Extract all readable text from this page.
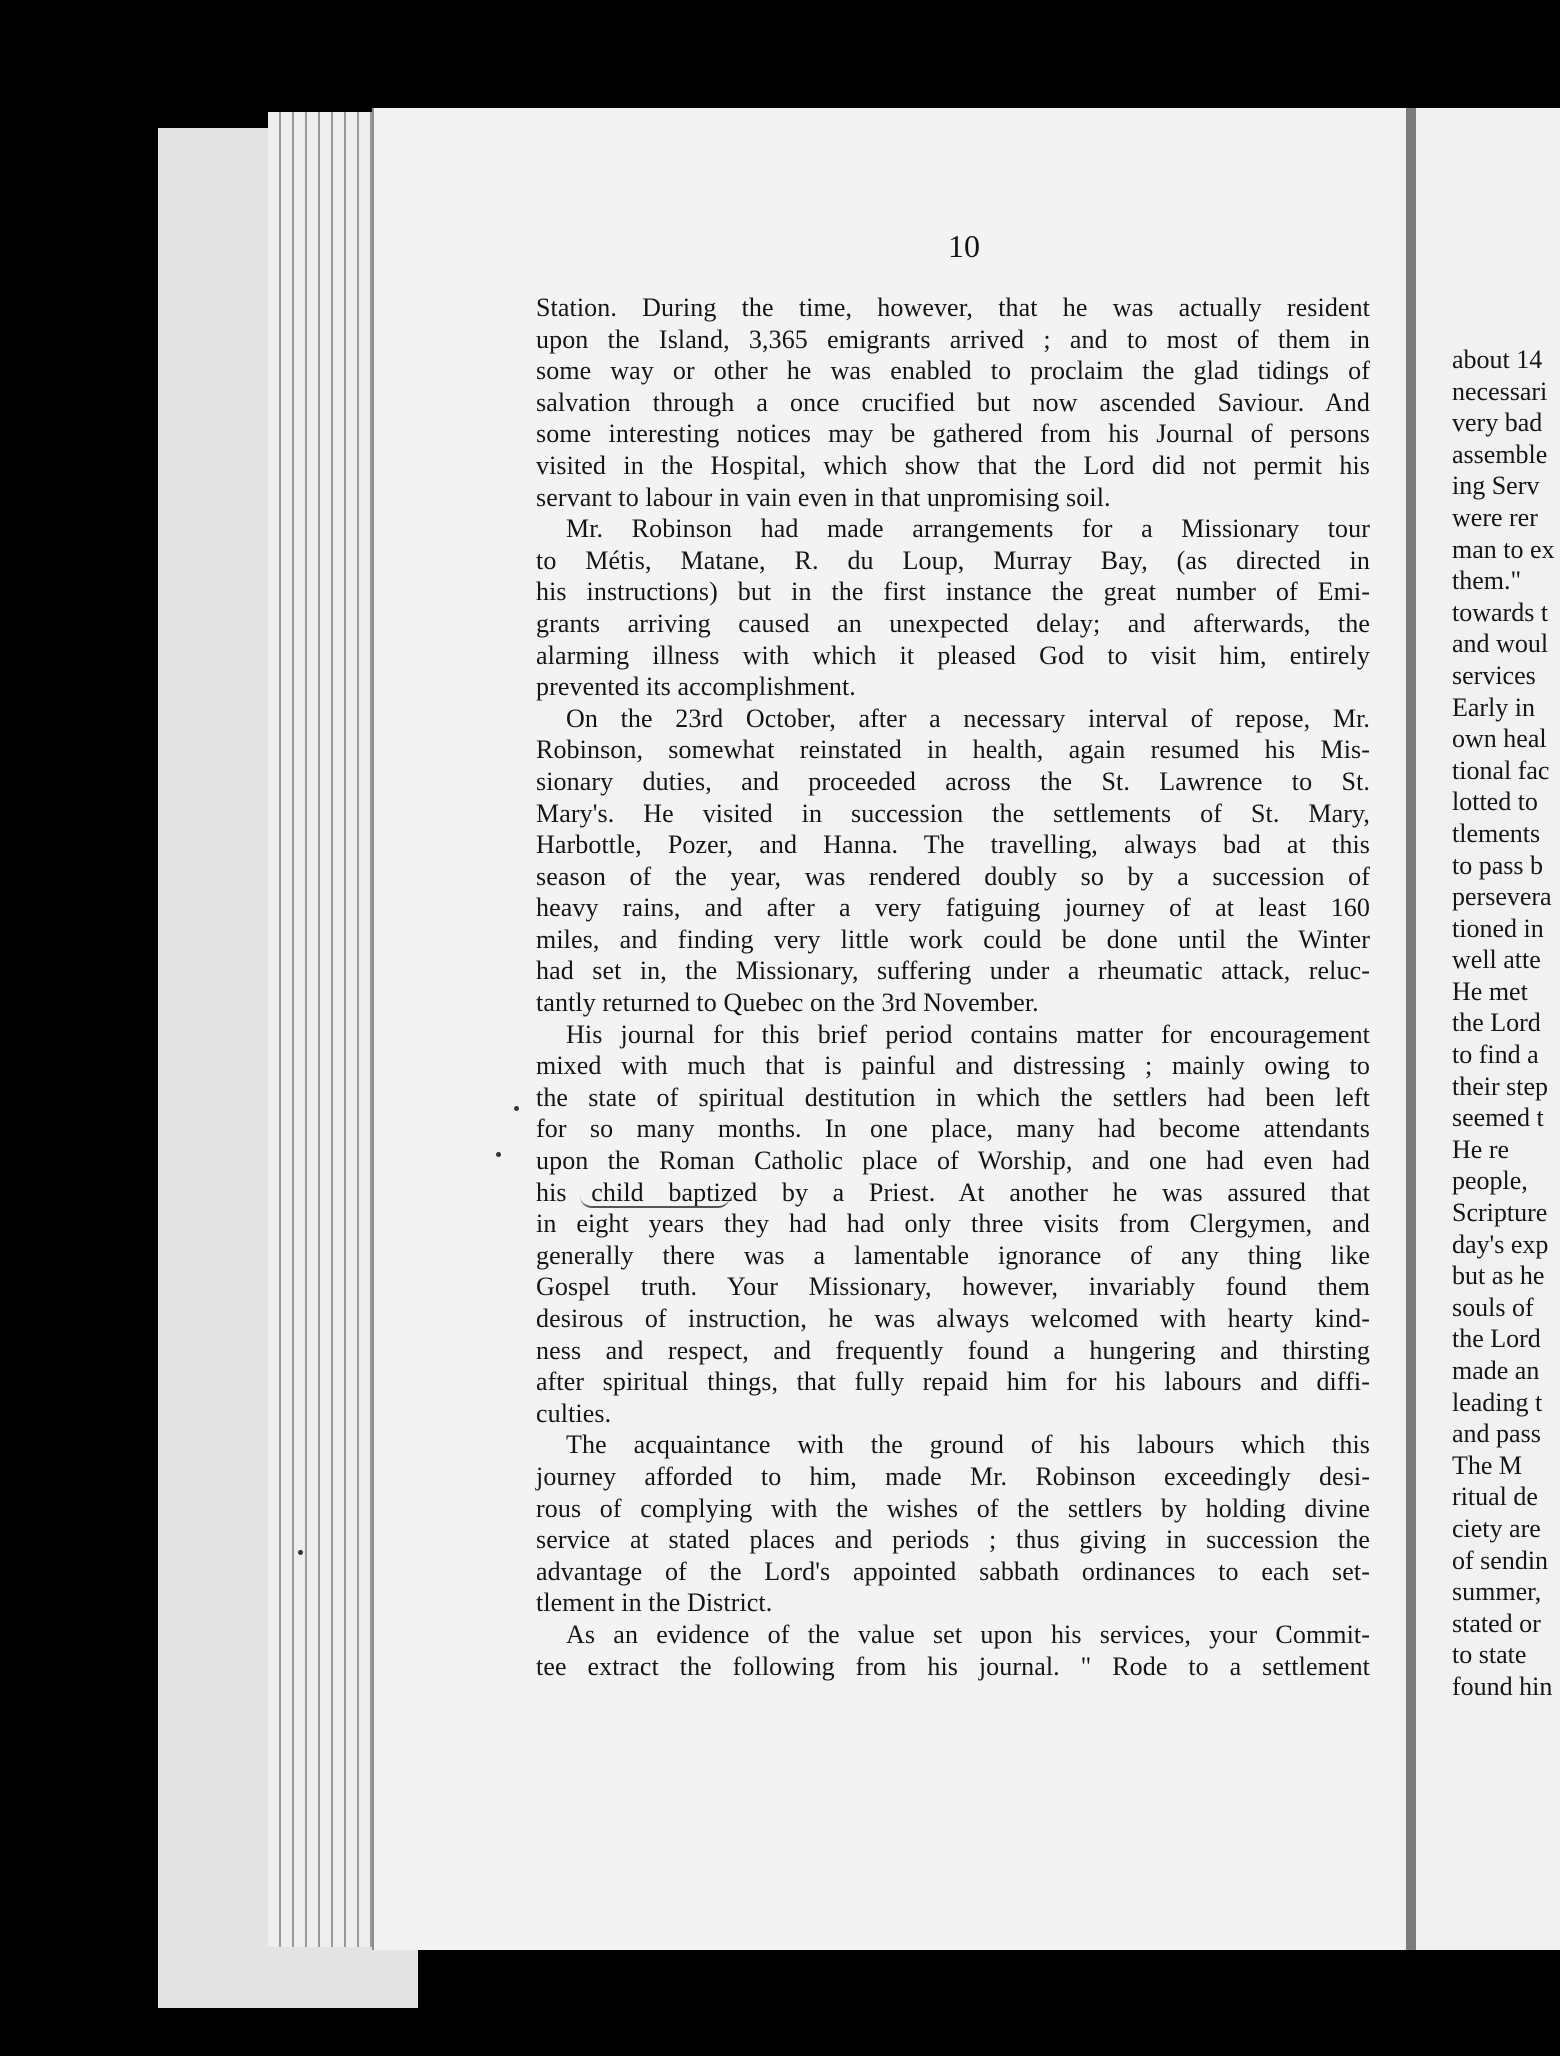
10
Station. During the time, however, that he was actually resident
upon the Island, 3,365 emigrants arrived ; and to most of them in
some way or other he was enabled to proclaim the glad tidings of
salvation through a once crucified but now ascended Saviour. And
some interesting notices may be gathered from his Journal of persons
visited in the Hospital, which show that the Lord did not permit his
servant to labour in vain even in that unpromising soil.
Mr. Robinson had made arrangements for a Missionary tour
to Métis, Matane, R. du Loup, Murray Bay, (as directed in
his instructions) but in the first instance the great number of Emi-
grants arriving caused an unexpected delay; and afterwards, the
alarming illness with which it pleased God to visit him, entirely
prevented its accomplishment.
On the 23rd October, after a necessary interval of repose, Mr.
Robinson, somewhat reinstated in health, again resumed his Mis-
sionary duties, and proceeded across the St. Lawrence to St.
Mary's. He visited in succession the settlements of St. Mary,
Harbottle, Pozer, and Hanna. The travelling, always bad at this
season of the year, was rendered doubly so by a succession of
heavy rains, and after a very fatiguing journey of at least 160
miles, and finding very little work could be done until the Winter
had set in, the Missionary, suffering under a rheumatic attack, reluc-
tantly returned to Quebec on the 3rd November.
His journal for this brief period contains matter for encouragement
mixed with much that is painful and distressing ; mainly owing to
the state of spiritual destitution in which the settlers had been left
for so many months. In one place, many had become attendants
upon the Roman Catholic place of Worship, and one had even had
his child baptized by a Priest. At another he was assured that
in eight years they had had only three visits from Clergymen, and
generally there was a lamentable ignorance of any thing like
Gospel truth. Your Missionary, however, invariably found them
desirous of instruction, he was always welcomed with hearty kind-
ness and respect, and frequently found a hungering and thirsting
after spiritual things, that fully repaid him for his labours and diffi-
culties.
The acquaintance with the ground of his labours which this
journey afforded to him, made Mr. Robinson exceedingly desi-
rous of complying with the wishes of the settlers by holding divine
service at stated places and periods ; thus giving in succession the
advantage of the Lord's appointed sabbath ordinances to each set-
tlement in the District.
As an evidence of the value set upon his services, your Commit-
tee extract the following from his journal. " Rode to a settlement
about 14
necessari
very bad
assemble
ing Serv
were rer
man to ex
them."
towards t
and woul
services
Early in
own heal
tional fac
lotted to
tlements
to pass b
persevera
tioned in
well atte
He met
the Lord
to find a
their step
seemed t
He re
people,
Scripture
day's exp
but as he
souls of
the Lord
made an
leading t
and pass
The M
ritual de
ciety are
of sendin
summer,
stated or
to state
found hin
